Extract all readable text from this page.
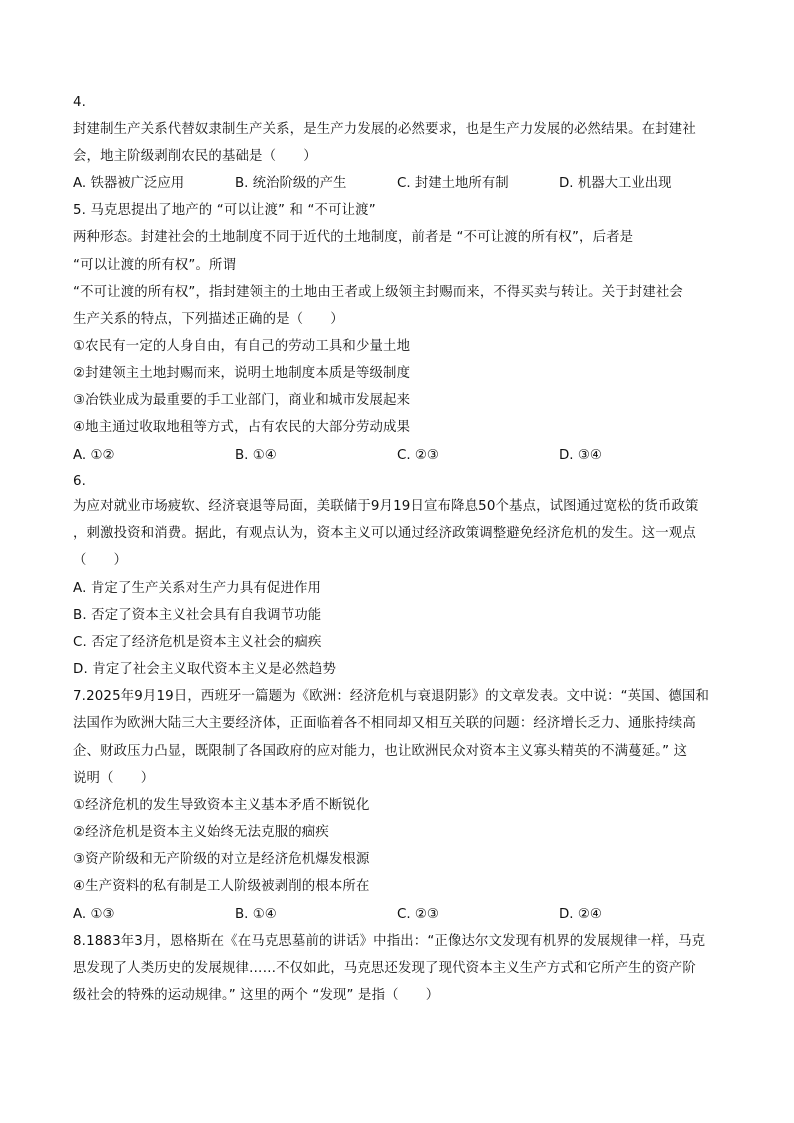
4.
封建制生产关系代替奴隶制生产关系，是生产力发展的必然要求，也是生产力发展的必然结果。在封建社
会，地主阶级剥削农民的基础是（　　）
A. 铁器被广泛应用	B. 统治阶级的产生	C. 封建土地所有制	D. 机器大工业出现
5. 马克思提出了地产的 “可以让渡” 和 “不可让渡”
两种形态。封建社会的土地制度不同于近代的土地制度，前者是 “不可让渡的所有权”，后者是
“可以让渡的所有权”。所谓
“不可让渡的所有权”，指封建领主的土地由王者或上级领主封赐而来，不得买卖与转让。关于封建社会
生产关系的特点，下列描述正确的是（　　）
①农民有一定的人身自由，有自己的劳动工具和少量土地
②封建领主土地封赐而来，说明土地制度本质是等级制度
③冶铁业成为最重要的手工业部门，商业和城市发展起来
④地主通过收取地租等方式，占有农民的大部分劳动成果
A. ①②	B. ①④	C. ②③	D. ③④
6.
为应对就业市场疲软、经济衰退等局面，美联储于9月19日宣布降息50个基点，试图通过宽松的货币政策
，刺激投资和消费。据此，有观点认为，资本主义可以通过经济政策调整避免经济危机的发生。这一观点
（　　）
A. 肯定了生产关系对生产力具有促进作用
B. 否定了资本主义社会具有自我调节功能
C. 否定了经济危机是资本主义社会的痼疾
D. 肯定了社会主义取代资本主义是必然趋势
7.2025年9月19日，西班牙一篇题为《欧洲：经济危机与衰退阴影》的文章发表。文中说：“英国、德国和
法国作为欧洲大陆三大主要经济体，正面临着各不相同却又相互关联的问题：经济增长乏力、通胀持续高
企、财政压力凸显，既限制了各国政府的应对能力，也让欧洲民众对资本主义寡头精英的不满蔓延。” 这
说明（　　）
①经济危机的发生导致资本主义基本矛盾不断锐化
②经济危机是资本主义始终无法克服的痼疾
③资产阶级和无产阶级的对立是经济危机爆发根源
④生产资料的私有制是工人阶级被剥削的根本所在
A. ①③	B. ①④	C. ②③	D. ②④
8.1883年3月，恩格斯在《在马克思墓前的讲话》中指出：“正像达尔文发现有机界的发展规律一样，马克
思发现了人类历史的发展规律……不仅如此，马克思还发现了现代资本主义生产方式和它所产生的资产阶
级社会的特殊的运动规律。” 这里的两个 “发现” 是指（　　）
